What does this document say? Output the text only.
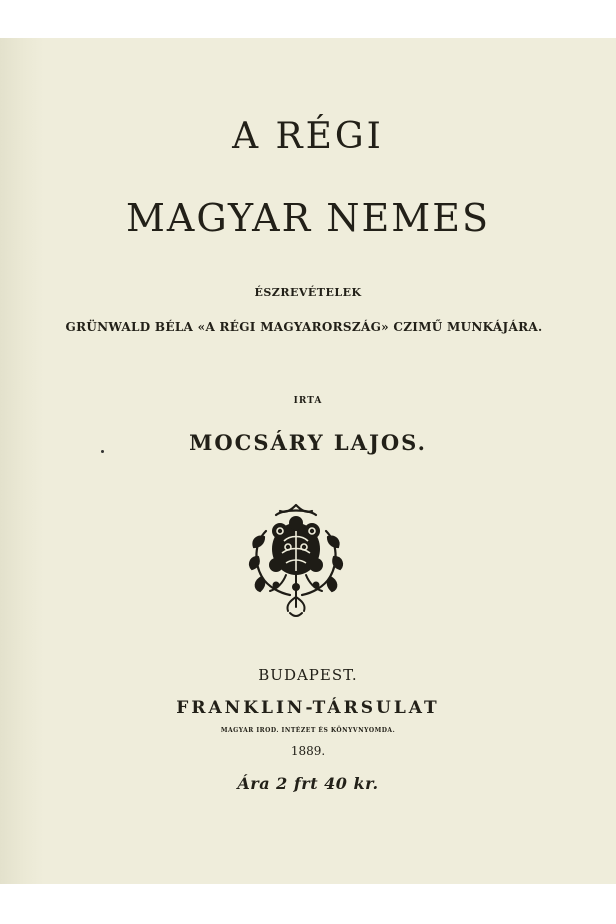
A RÉGI
MAGYAR NEMES
ÉSZREVÉTELEK
GRÜNWALD BÉLA «A RÉGI MAGYARORSZÁG» CZIMŰ MUNKÁJÁRA.
IRTA
MOCSÁRY LAJOS.
BUDAPEST.
FRANKLIN-TÁRSULAT
MAGYAR IROD. INTÉZET ÉS KÖNYVNYOMDA.
1889.
Ára 2 frt 40 kr.
